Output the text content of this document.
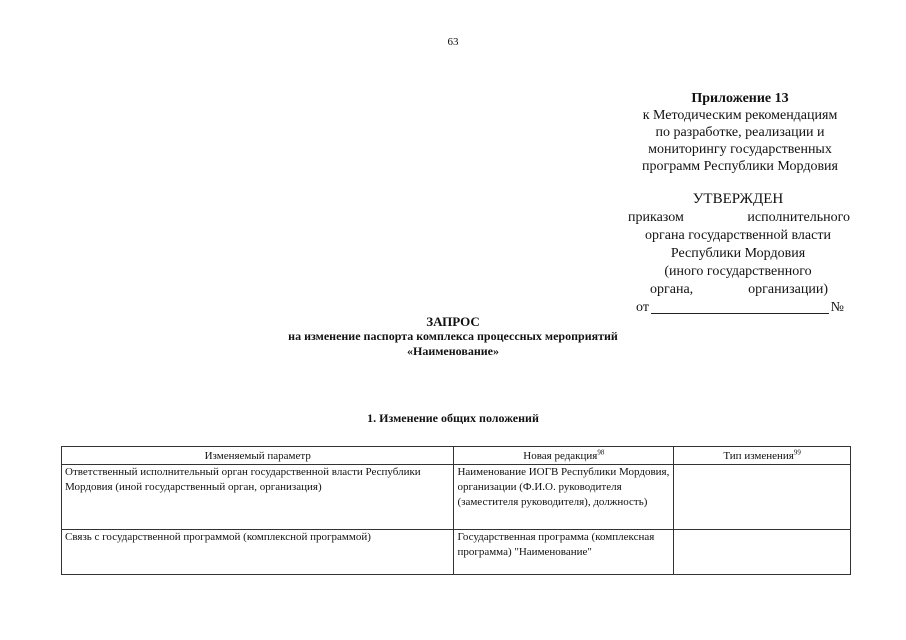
63
Приложение 13
к Методическим рекомендациям
по разработке, реализации и
мониторингу государственных
программ Республики Мордовия
УТВЕРЖДЕН
приказом	исполнительного
органа государственной власти
Республики Мордовия
(иного государственного
органа,	организации)
от	№
ЗАПРОС
на изменение паспорта комплекса процессных мероприятий
«Наименование»
1. Изменение общих положений
Изменяемый параметр	Новая редакция$^{98}$	Тип изменения$^{99}$
Ответственный исполнительный орган государственной власти Республики Мордовия (иной государственный орган, организация)	Наименование ИОГВ Республики Мордовия, организации (Ф.И.О. руководителя (заместителя руководителя), должность)	
Связь с государственной программой (комплексной программой)	Государственная программа (комплексная программа) "Наименование"	
